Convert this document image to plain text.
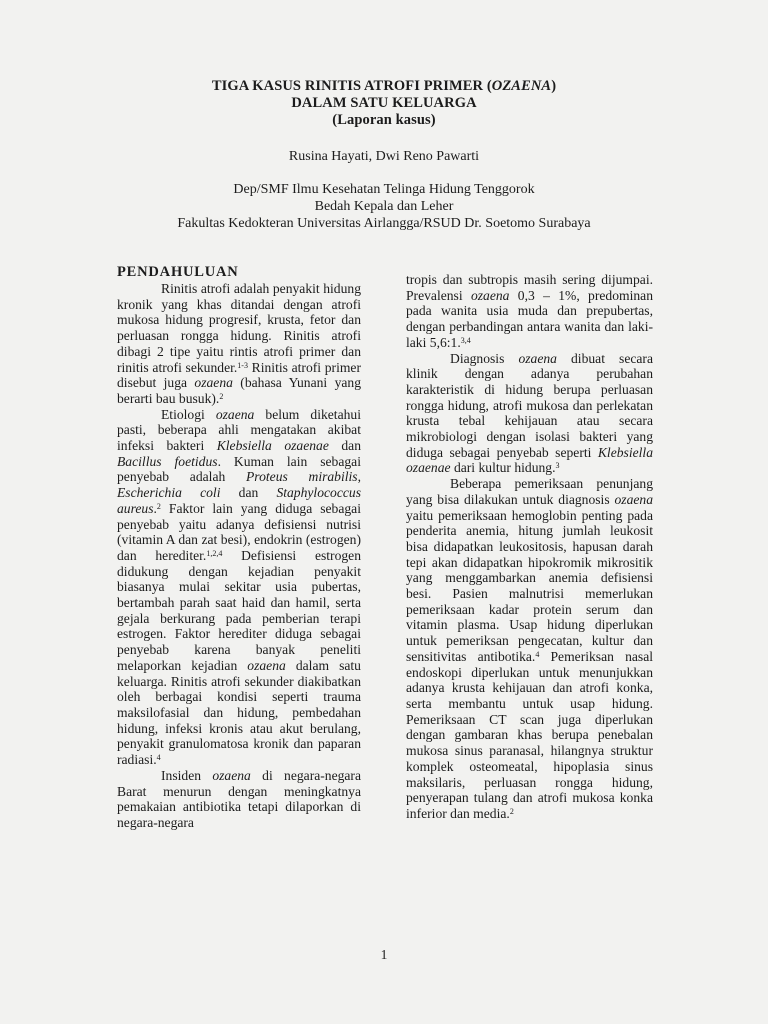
TIGA KASUS RINITIS ATROFI PRIMER (OZAENA)
DALAM SATU KELUARGA
(Laporan kasus)
Rusina Hayati, Dwi Reno Pawarti
Dep/SMF Ilmu Kesehatan Telinga Hidung Tenggorok
Bedah Kepala dan Leher
Fakultas Kedokteran Universitas Airlangga/RSUD Dr. Soetomo Surabaya
PENDAHULUAN

Rinitis atrofi adalah penyakit hidung kronik yang khas ditandai dengan atrofi mukosa hidung progresif, krusta, fetor dan perluasan rongga hidung. Rinitis atrofi dibagi 2 tipe yaitu rintis atrofi primer dan rinitis atrofi sekunder.$^{1-3}$ Rinitis atrofi primer disebut juga ozaena (bahasa Yunani yang berarti bau busuk).$^2$

Etiologi ozaena belum diketahui pasti, beberapa ahli mengatakan akibat infeksi bakteri Klebsiella ozaenae dan Bacillus foetidus. Kuman lain sebagai penyebab adalah Proteus mirabilis, Escherichia coli dan Staphylococcus aureus.$^2$ Faktor lain yang diduga sebagai penyebab yaitu adanya defisiensi nutrisi (vitamin A dan zat besi), endokrin (estrogen) dan herediter.$^{1,2,4}$ Defisiensi estrogen didukung dengan kejadian penyakit biasanya mulai sekitar usia pubertas, bertambah parah saat haid dan hamil, serta gejala berkurang pada pemberian terapi estrogen. Faktor herediter diduga sebagai penyebab karena banyak peneliti melaporkan kejadian ozaena dalam satu keluarga. Rinitis atrofi sekunder diakibatkan oleh berbagai kondisi seperti trauma maksilofasial dan hidung, pembedahan hidung, infeksi kronis atau akut berulang, penyakit granulomatosa kronik dan paparan radiasi.$^4$

Insiden ozaena di negara-negara Barat menurun dengan meningkatnya pemakaian antibiotika tetapi dilaporkan di negara-negara

tropis dan subtropis masih sering dijumpai. Prevalensi ozaena 0,3 – 1%, predominan pada wanita usia muda dan prepubertas, dengan perbandingan antara wanita dan laki-laki 5,6:1.$^{3,4}$

Diagnosis ozaena dibuat secara klinik dengan adanya perubahan karakteristik di hidung berupa perluasan rongga hidung, atrofi mukosa dan perlekatan krusta tebal kehijauan atau secara mikrobiologi dengan isolasi bakteri yang diduga sebagai penyebab seperti Klebsiella ozaenae dari kultur hidung.$^3$

Beberapa pemeriksaan penunjang yang bisa dilakukan untuk diagnosis ozaena yaitu pemeriksaan hemoglobin penting pada penderita anemia, hitung jumlah leukosit bisa didapatkan leukositosis, hapusan darah tepi akan didapatkan hipokromik mikrositik yang menggambarkan anemia defisiensi besi. Pasien malnutrisi memerlukan pemeriksaan kadar protein serum dan vitamin plasma. Usap hidung diperlukan untuk pemeriksan pengecatan, kultur dan sensitivitas antibotika.$^4$ Pemeriksan nasal endoskopi diperlukan untuk menunjukkan adanya krusta kehijauan dan atrofi konka, serta membantu untuk usap hidung. Pemeriksaan CT scan juga diperlukan dengan gambaran khas berupa penebalan mukosa sinus paranasal, hilangnya struktur komplek osteomeatal, hipoplasia sinus maksilaris, perluasan rongga hidung, penyerapan tulang dan atrofi mukosa konka inferior dan media.$^2$

1
